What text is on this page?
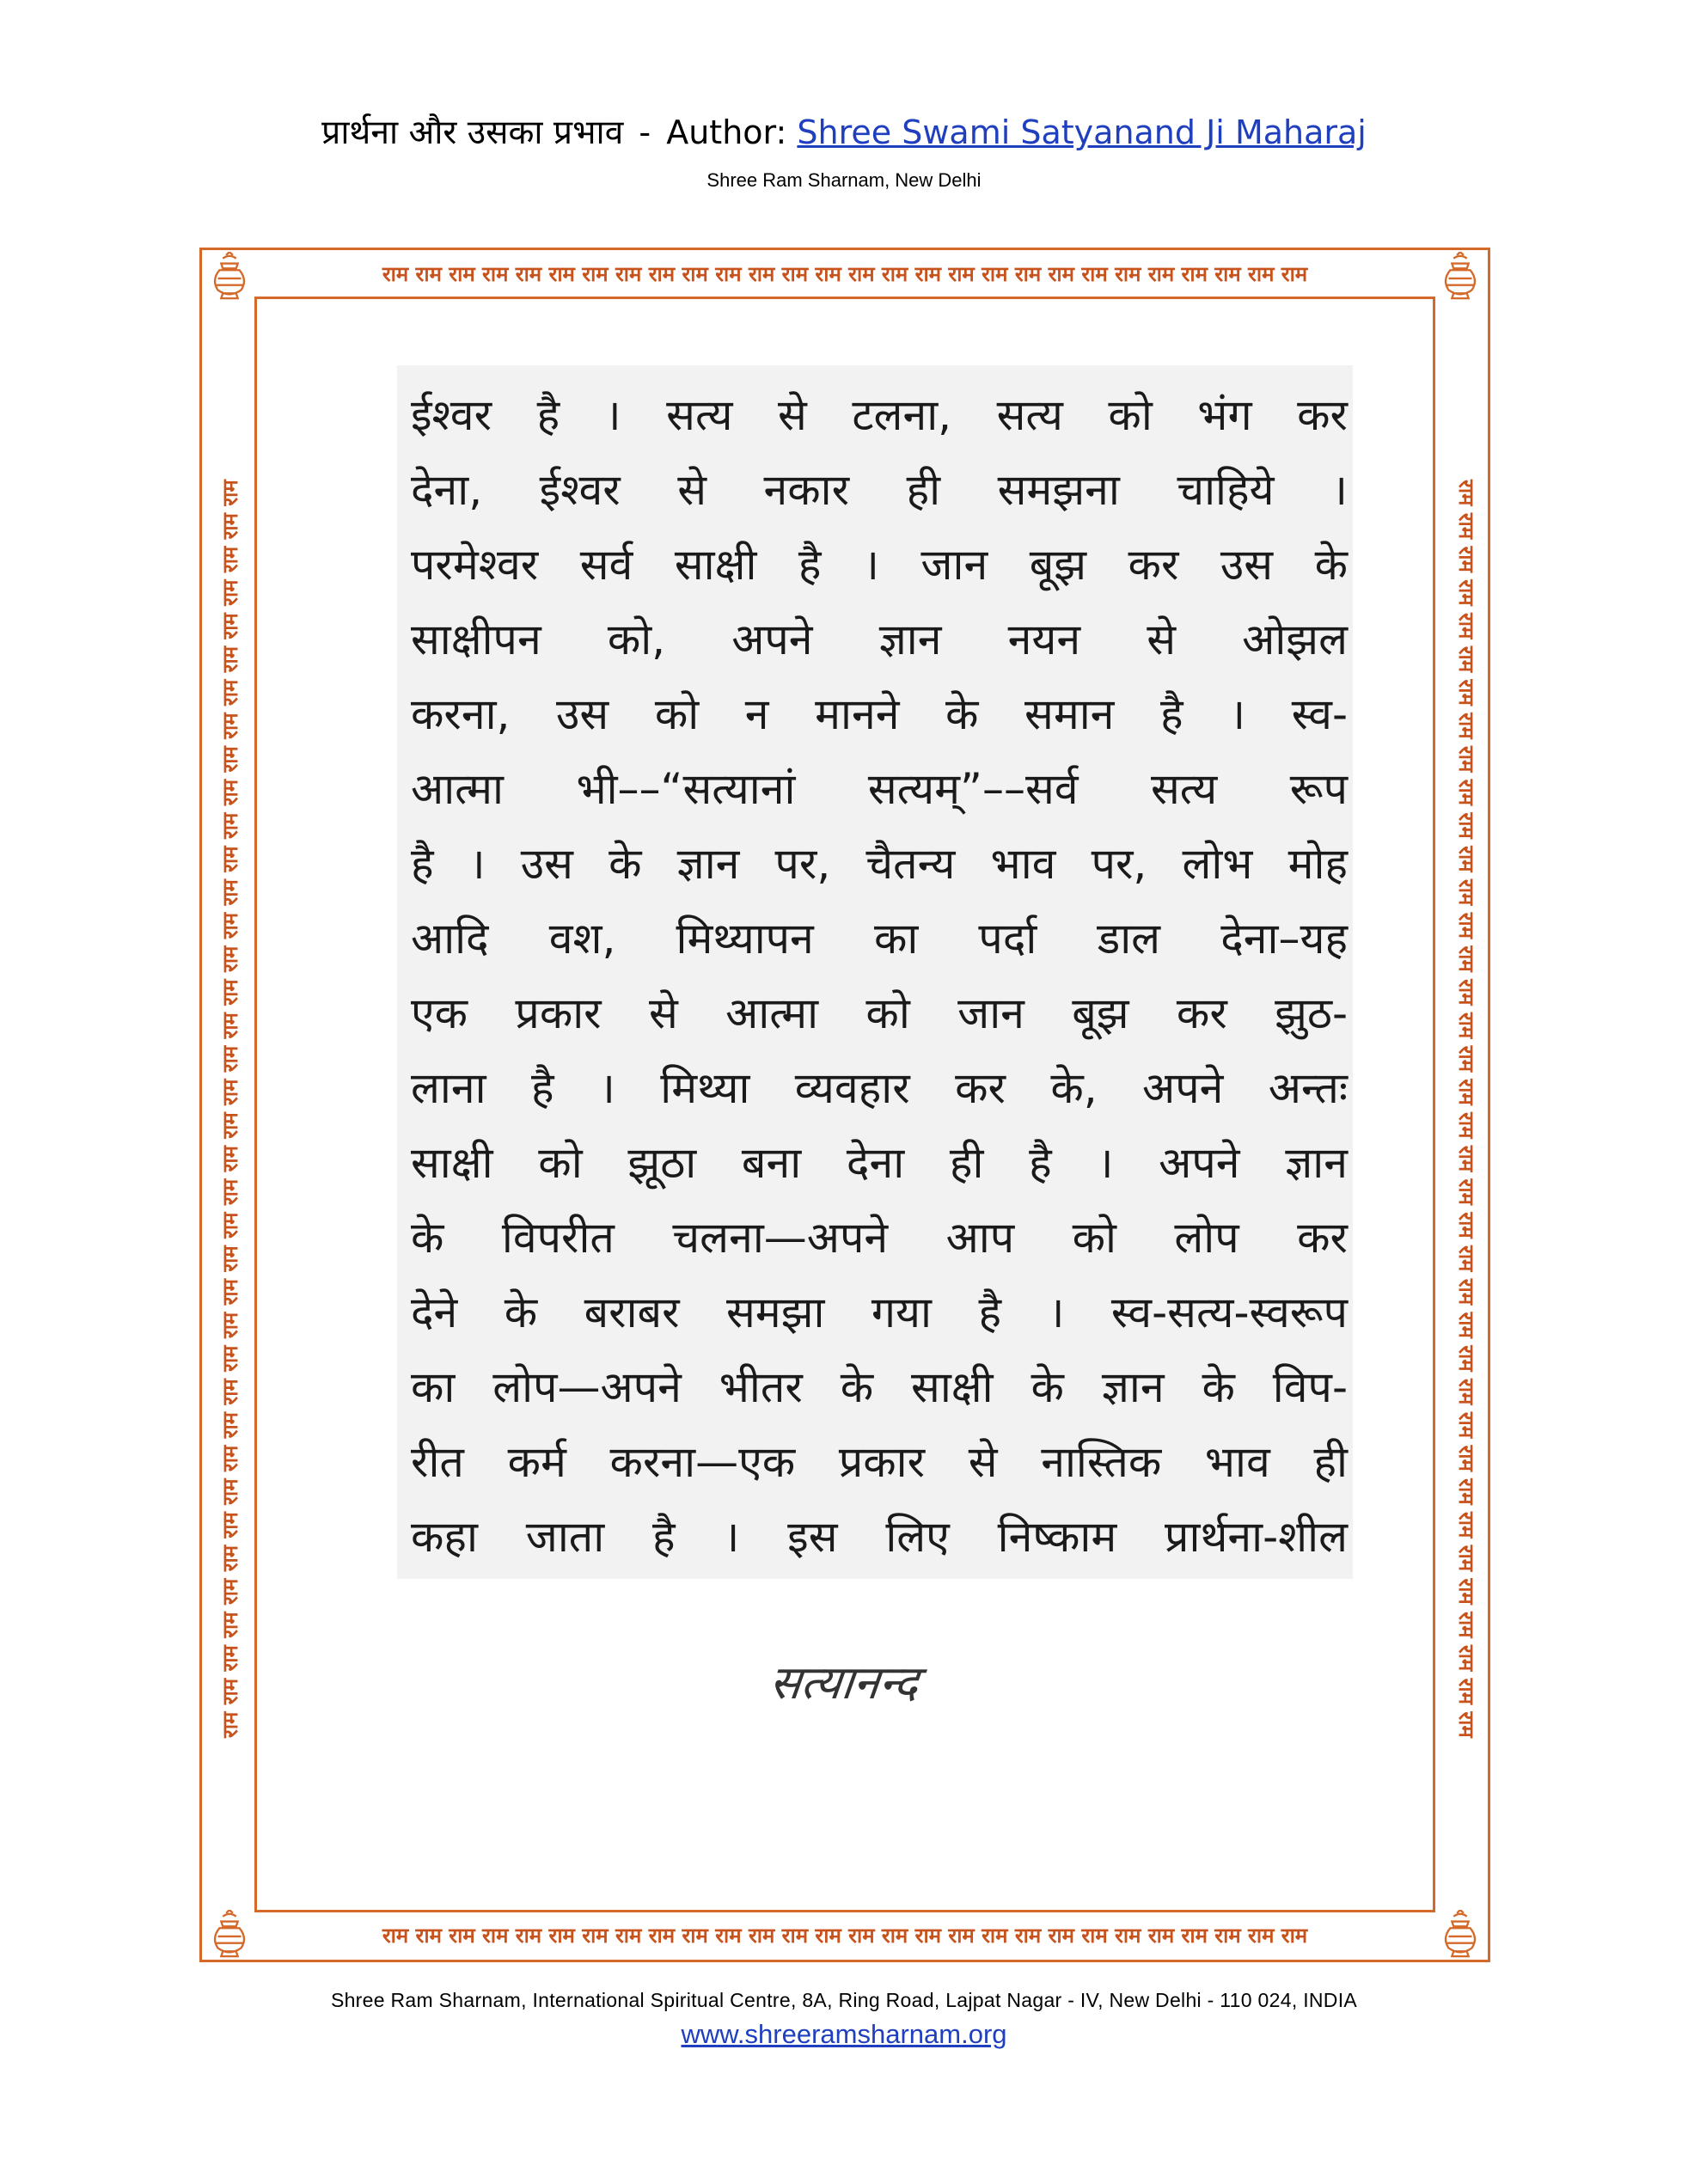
प्रार्थना और उसका प्रभाव - Author: Shree Swami Satyanand Ji Maharaj
Shree Ram Sharnam, New Delhi
राम राम राम राम राम राम राम राम राम राम राम राम राम राम राम राम राम राम राम राम राम राम राम राम राम राम राम राम
राम राम राम राम राम राम राम राम राम राम राम राम राम राम राम राम राम राम राम राम राम राम राम राम राम राम राम राम
राम राम राम राम राम राम राम राम राम राम राम राम राम राम राम राम राम राम राम राम राम राम राम राम राम राम राम राम राम राम राम राम राम राम राम राम राम राम	राम राम राम राम राम राम राम राम राम राम राम राम राम राम राम राम राम राम राम राम राम राम राम राम राम राम राम राम राम राम राम राम राम राम राम राम राम राम
ईश्वर है । सत्य से टलना, सत्य को भंग कर
देना, ईश्वर से नकार ही समझना चाहिये ।
परमेश्वर सर्व साक्षी है । जान बूझ कर उस के
साक्षीपन को, अपने ज्ञान नयन से ओझल
करना, उस को न मानने के समान है । स्व-
आत्मा भी––“सत्यानां सत्यम्”––सर्व सत्य रूप
है । उस के ज्ञान पर, चैतन्य भाव पर, लोभ मोह
आदि वश, मिथ्यापन का पर्दा डाल देना–यह
एक प्रकार से आत्मा को जान बूझ कर झुठ-
लाना है । मिथ्या व्यवहार कर के, अपने अन्तः
साक्षी को झूठा बना देना ही है । अपने ज्ञान
के विपरीत चलना—अपने आप को लोप कर
देने के बराबर समझा गया है । स्व-सत्य-स्वरूप
का लोप—अपने भीतर के साक्षी के ज्ञान के विप-
रीत कर्म करना—एक प्रकार से नास्तिक भाव ही
कहा जाता है । इस लिए निष्काम प्रार्थना-शील
सत्यानन्द
Shree Ram Sharnam, International Spiritual Centre, 8A, Ring Road, Lajpat Nagar - IV, New Delhi - 110 024, INDIA
www.shreeramsharnam.org
